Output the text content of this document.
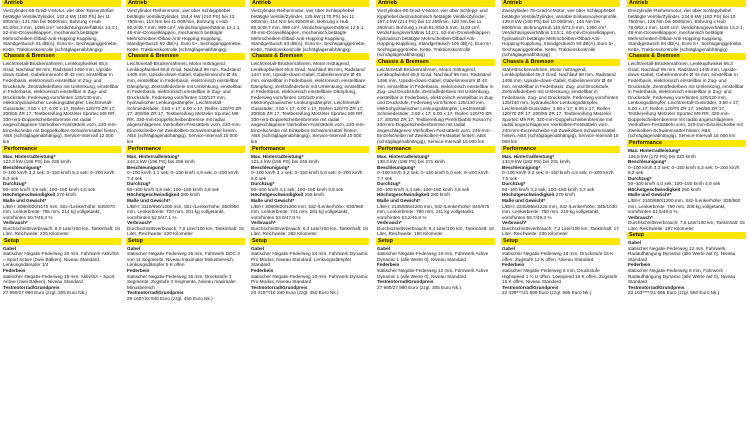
Antrieb
Vierzylinder-65-Grad-V-Motor, vier über Tassenstößel betätigte Ventile/Zylinder, 132,4 kW (180 PS) bei 11 800/min, 121 Nm bei 9650/min, Bohrung x Hub 81,0/53,3 mm, 1099 cm³, Verdichtungsverhältnis 13,3:1, 52-mm-Drosselklappen, mechanisch betätigte Mehrscheiben-Ölbad-Anti-Hopping-Kupplung, Standgeräusch 91 dB(A), Euro 5+, Sechsganggetriebe, Kette, Traktionskontrolle (schräglagenabhängig)
Chassis & Bremsen
Leichtmetall-Brückenrahmen, Lenkkopfwinkel 65,6 Grad, Nachlauf 98 mm, Radstand 1450 mm, Upside-down-Gabel, Gabelinnenrohr Ø 43 mm, einstellbar in Federbasis, elektronisch einstellbar in Zug- und Druckstufe, Zentralfederbein mit Umlenkung, einstellbar in Federbasis, elektronisch einstellbar in Zug- und Druckstufe, Federweg vorn/hinten 120/130 mm, elektrohydraulischer Lenkungsdämpfer, Leichtmetall-Gussräder, 3.50 x 17; 6.00 x 17, Reifen 120/70 ZR 17; 200/55 ZR 17, Testbereifung Metzeler Sportec M9 RR, 330-mm-Doppelscheibenbremse mit radial angeschlagenen Vierkolben-Festsätteln vorn, 220-mm-Einzelscheibe mit Doppelkolben-Schwimmsattel hinten, ABS (schräglagenabhängig), Service-Intervall 12 000 km
Performance
Max. Hinterradleistung*
122,3 kW (166 PS) bei 226 km/h
Beschleunigung*
0–100 km/h 3,2 sek; 0–150 km/h 5,2 sek; 0–200 km/h 8,3 sek
Durchzug*
50–100 km/h 3,9 sek; 100–150 km/h 4,0 sek
Höchstgeschwindigkeit 270 km/h
Maße und Gewicht*
L/B/H: 2080/920/1170 mm, Sitz-/Lenkerhöhe: 845/970 mm, Lenkerbreite: 755 mm, 214 kg vollgetankt, vorn/hinten 50,7/49,3 %
Verbrauch*
Durchschnittsverbrauch: 8,0 Liter/100 km, Tankinhalt: 18 Liter, Reichweite: 225 Kilometer
Setup
Gabel
statischer Negativ-Federweg 20 mm, Fahrwerk Aktiv/SA – Sport Active (zwei Balken), Niveau Standard, Lenkungsdämpfer 1/4
Federbein
statischer Negativ-Federweg 15 mm, Aktiv/SA – Sport Active (zwei Balken), Niveau Standard
Testmotorrad/Grundpreis
27 990/27 990 Euro (zzgl. 305 Euro Nk.)
Antrieb
Vierzylinder-Reihenmotor, vier über Schlepphebel betätigte Ventile/Zylinder, 154,4 kW (210 PS) bei 13 750/min, 113 Nm bei 11 000/min, Bohrung x Hub 80,0/49,7 mm, 999 cm³, Verdichtungsverhältnis 13,1:1, 48-mm-Drosselklappen, mechanisch betätigte Mehrscheiben-Ölbad-Anti-Hopping-Kupplung, Standgeräusch 92 dB(A), Euro 5+, Sechsganggetriebe, Kette, Traktionskontrolle (schräglagenabhängig)
Chassis & Bremsen
Leichtmetall-Brückenrahmen, Motor mittragend, Lenkkopfwinkel 65,8 Grad, Nachlauf 98 mm, Radstand 1405 mm, Upside-down-Gabel, Gabelinnenrohr Ø 45 mm, einstellbar in Federbasis, elektronisch einstellbar Dämpfung, Zentralfederbein mit Umlenkung, einstellbar in Federbasis, elektronisch einstellbar in Zug- und Druckstufe, Federweg vorn/hinten 120/127 mm, hydraulischer Lenkungsdämpfer, Leichtmetall-Schmiederäder, 3.50 x 17; 6.00 x 17, Reifen 120/70 ZR 17; 200/55 ZR 17, Testbereifung Metzeler Sportec M9 RR, 330-mm-Doppelscheibenbremse mit radial angeschlagenen Vierkolben-Festsätteln vorn, 220-mm-Einzelscheibe mit Zweikolben-Schwimmsattel hinten, ABS (schräglagenabhängig), Service-Intervall 10 000 km
Performance
Max. Hinterradleistung*
144,2 kW (196 PS) bei 269 km/h
Beschleunigung*
0–100 km/h 3,1 sek; 0–150 km/h 4,9 sek; 0–200 km/h 7,4 sek
Durchzug*
50–100 km/h 3,8 sek; 100–150 km/h 3,8 sek
Höchstgeschwindigkeit 280 km/h
Maße und Gewicht*
L/B/H: 2110/890/1200 mm, Sitz-/Lenkerhöhe: 850/950 mm, Lenkerbreite: 720 mm, 201 kg vollgetankt, vorn/hinten 52,9/47,1 %
Verbrauch*
Durchschnittsverbrauch: 7,5 Liter/100 km, Tankinhalt: 16 Liter, Reichweite: 220 Kilometer
Setup
Gabel
statischer Negativ-Federweg 26 mm, Fahrwerk DDC 3 von 11 Segmente, Niveau maximaler Minusbereich, Lenkungsdämpfer 5 K offen
Federbein
statischer Negativ-Federweg 15 mm, Druckstufe 3 Segmente, Zugstufe 3 Segmente, Niveau maximaler Minusbereich
Testmotorrad/Grundpreis
29 160*/22 940 Euro (zzgl. 450 Euro Nk.)
Antrieb
Vierzylinder-Reihenmotor, vier über Schlepphebel betätigte Ventile/Zylinder, 125 kW (170 PS) bei 11 000/min, 114 Nm bei 9250/min, Bohrung x Hub 80,0/49,7 mm, 999 cm³, Verdichtungsverhältnis 12,5:1, 48-mm-Drosselklappen, mechanisch betätigte Mehrscheiben-Ölbad-Anti-Hopping-Kupplung, Standgeräusch 93 dB(A), Euro 5+, Sechsganggetriebe, Kette, Traktionskontrolle (schräglagenabhängig)
Chassis & Bremsen
Leichtmetall-Brückenrahmen, Motor mittragend, Lenkkopfwinkel 65,6 Grad, Nachlauf 98 mm, Radstand 1447 mm, Upside-down-Gabel, Gabelinnenrohr Ø 45 mm, einstellbar in Federbasis, elektronisch einstellbare Dämpfung, Zentralfederbein mit Umlenkung, einstellbar in Federbasis, elektronisch einstellbare Dämpfung, Federweg vorn/hinten 120/120 mm, elektrohydraulischer Lenkungsdämpfer, Leichtmetall-Gussräder, 3.50 x 17; 6.00 x 17, Reifen 120/70 ZR 17; 200/55 ZR 17, Testbereifung Metzeler Sportec M9 RR, 330-mm-Doppelscheibenbremse mit radial angeschlagenen Vierkolben-Festsätteln vorn, 220-mm-Einzelscheibe mit Einkolben-Schwimmsattel hinten, ABS (schräglagenabhängig), Service-Intervall 10 000 km
Performance
Max. Hinterradleistung*
121,4 kW (165 PS) bei 246 km/h
Beschleunigung*
0–100 km/h 3,1 sek; 0–150 km/h 5,0 sek; 0–200 km/h 8,0 sek
Durchzug*
50–100 km/h 4,1 sek; 100–150 km/h 3,8 sek
Höchstgeschwindigkeit 255 km/h
Maße und Gewicht*
L/B/H: 2080/820/1200 mm, Sitz-/Lenkerhöhe: 830/960 mm, Lenkerbreite: 741 mm, 201 kg vollgetankt, vorn/hinten 53,0/47,0 %
Verbrauch*
Durchschnittsverbrauch: 6,3 Liter/100 km, Tankinhalt: 18 Liter, Reichweite: 282 Kilometer
Setup
Gabel
statischer Negativ-Federweg 24 mm, Fahrwerk Dynamic Pro Modus, Niveau Standard, Lenkungsdämpfer Standard
Federbein
statischer Negativ-Federweg 10 mm, Fahrwerk Dynamic Pro Modus, Niveau Standard
Testmotorrad/Grundpreis
20 415**/16 280 Euro (zzgl. 450 Euro Nk.)
Antrieb
Vierzylinder-90-Grad-V-Motor, vier über Schlepp- und Kipphebel desmodromisch betätigte Ventile/Zylinder, 157,4 kW (214 PS) bei 13 250/min, 120 Nm bei 11 250/min, Bohrung x Hub 81,0/53,5 mm, 1103 cm³, Verdichtungsverhältnis 14,0:1, 52-mm-Drosselklappen, hydraulisch betätigte Mehrscheiben-Ölbad-Anti-Hopping-Kupplung, Standgeräusch 105 dB(A), Euro 5+, Sechsganggetriebe, Kette, Traktionskontrolle (schräglagenabhängig)
Chassis & Bremsen
Leichtmetall-Brückenrahmen, Motor mittragend, Lenkkopfwinkel 65,5 Grad, Nachlauf 99 mm, Radstand 1496 mm, Upside-down-Gabel, Gabelinnenrohr Ø 43 mm, einstellbar in Federbasis, elektronisch einstellbar in Zug- und Druckstufe, Zentralfederbein mit Umlenkung, einstellbar in Federbasis, elektronisch einstellbar in Zug- und Druckstufe, Federweg vorn/hinten 125/130 mm, elektrohydraulischer Lenkungsdämpfer, Leichtmetall-Schmiederäder, 3.50 x 17; 6.00 x 17, Reifen 120/70 ZR 17; 200/60 ZR 17, Testbereifung Pirelli Diablo Rosso IV, 330-mm-Doppelscheibenbremse mit radial angeschlagenen Vierkolben-Festsätteln vorn, 245-mm-Einzelscheibe mit Zweikolben-Festsattel hinten, ABS (schräglagenabhängig), Service-Intervall 15 000 km
Performance
Max. Hinterradleistung*
138,3 kW (188 PS) bei 271 km/h
Beschleunigung*
0–100 km/h 3,2 sek; 0–150 km/h 5,0 sek; 0–200 km/h 7,7 sek
Durchzug*
50–100 km/h 4,4 sek; 100–150 km/h 3,8 sek
Höchstgeschwindigkeit 280 km/h
Maße und Gewicht*
L/B/H: 2135/855/1200 mm, Sitz-/Lenkerhöhe: 840/975 mm, Lenkerbreite: 790 mm, 211 kg vollgetankt, vorn/hinten 53,2/46,8 %
Verbrauch*
Durchschnittsverbrauch: 8,4 Liter/100 km, Tankinhalt: 16 Liter, Reichweite: 190 Kilometer
Setup
Gabel
statischer Negativ-Federweg 16 mm, Fahrwerk Active Dynamic 1 (alle Werte 0), Niveau Standard
Federbein
statischer Negativ-Federweg 12 mm, Fahrwerk Active Dynamic 1 (alle Werte 0), Niveau Standard
Testmotorrad/Grundpreis
27 990/27 990 Euro (zzgl. 305 Euro Nk.)
Antrieb
Zweizylinder-75-Grad-V-Motor, vier über Schlepphebel betätigte Ventile/Zylinder, variable Einlassnockenprofile, 139,8 kW (190 PS) bei 10 000/min, 145 Nm bei 8000/min, Bohrung/Hub 110,0/71,0 mm, 1350 cm³, Verdichtungsverhältnis 13,5:1, 60-mm-Drosselklappen, hydraulisch betätigte Mehrscheiben-Ölbad-Anti-Hopping-Kupplung, Standgeräusch 93 dB(A), Euro 5+, Sechsganggetriebe, Kette, Traktionskontrolle (schräglagenabhängig)
Chassis & Bremsen
Stahl-Brückenrahmen, Motor mittragend, Lenkkopfwinkel 65,3 Grad, Nachlauf 98 mm, Radstand 1495 mm, Upside-down-Gabel, Gabelinnenrohr Ø 48 mm, einstellbar in Federbasis, Zug- und Druckstufe, Zentralfederbein mit Umlenkung, einstellbar in Federbasis, Zug- und Druckstufe, Federweg vorn/hinten 125/140 mm, hydraulischer Lenkungsdämpfer, Leichtmetall-Gussräder, 3.50 x 17; 6.00 x 17, Reifen 120/70 ZR 17; 200/55 ZR 17, Testbereifung Metzeler Sportec M9 RR, 320-mm-Doppelscheibenbremse mit radial angeschlagenen Vierkolben-Festsätteln vorn, 240-mm-Einzelscheibe mit Zweikolben-Schwimmsattel hinten, ABS (schräglagenabhängig), Service-Intervall 15 000 km
Performance
Max. Hinterradleistung*
133,9 kW (182 PS) bei 231 km/h
Beschleunigung*
0–100 km/h 3,2 sek; 0–150 km/h 4,9 sek; 0–200 km/h 7,5 sek
Durchzug*
50–100 km/h 3,2 sek; 100–150 km/h 3,2 sek
Höchstgeschwindigkeit 270 km/h
Maße und Gewicht*
L/B/H: 2235/855/1225 mm, Sitz-/Lenkerhöhe: 845/1030 mm, Lenkerbreite: 760 mm, 219 kg vollgetankt, vorn/hinten 50,7/49,3 %
Verbrauch*
Durchschnittsverbrauch: 7,2 Liter/100 km, Tankinhalt: 17 Liter, Reichweite: 236 Kilometer
Setup
Gabel
statischer Negativ-Federweg 18 mm, Druckstufe 15 K offen, Zugstufe 12 K offen, Niveau Standard
Federbein
statischer Negativ-Federweg 6 mm, Druckstufe Highspeed 1 ¼ U offen, Lowspeed 16 K offen, Zugstufe 16 K offen, Niveau Standard
Testmotorrad/Grundpreis
22 439***/21 699 Euro (zzgl. 695 Euro Nk.)
Antrieb
Dreizylinder-Reihenmotor, vier über Schlepphebel betätigte Ventile/Zylinder, 134,6 kW (183 PS) bei 10 750/min, 128 Nm bei 9000/min, Bohrung x Hub 78,0/62,1 mm, 1160 cm³, Verdichtungsverhältnis 13,2:1, 48-mm-Drosselklappen, mechanisch betätigte Mehrscheiben-Ölbad-Anti-Hopping-Kupplung, Standgeräusch 94 dB(A), Euro 5+, Sechsganggetriebe, Kette, Traktionskontrolle (schräglagenabhängig)
Chassis & Bremsen
Leichtmetall-Brückenrahmen, Lenkkopfwinkel 66,3 Grad, Nachlauf 99 mm, Radstand 1445 mm, Upside-down-Gabel, Gabelinnenrohr Ø 43 mm, einstellbar in Federbasis, elektronisch einstellbar in Zug- und Druckstufe, Zentralfederbein mit Umlenkung, einstellbar in Federbasis, elektronisch einstellbar in Zug- und Druckstufe, Federweg vorn/hinten 120/120 mm, Lenkungsdämpfer, Leichtmetall-Gussräder, 3.50 x 17; 6.00 x 17, Reifen 120/70 ZR 17; 190/55 ZR 17, Testbereifung Metzeler Sportec M9 RR, 320-mm-Doppelscheibenbremse mit radial angeschlagenen Vierkolben-Festsätteln vorn, 220-mm-Einzelscheibe mit Zweikolben-Schwimmsattel hinten, ABS (schräglagenabhängig), Service-Intervall 16 000 km
Performance
Max. Hinterradleistung*
126,5 kW (172 PS) bei 223 km/h
Beschleunigung*
0–100 km/h 3,3 sek; 0–150 km/h 5,2 sek; 0–200 km/h 8,2 sek
Durchzug*
50–100 km/h 4,0 sek; 100–150 km/h 4,0 sek
Höchstgeschwindigkeit 260 km/h
Maße und Gewicht*
L/B/H: 2100/880/1200 mm, Sitz-/Lenkerhöhe: 835/960 mm, Lenkerbreite: 750 mm, 206 kg vollgetankt, vorn/hinten 51,5/48,5 %
Verbrauch*
Durchschnittsverbrauch: 7,6 Liter/100 km, Tankinhalt: 15 Liter, Reichweite: 197 Kilometer
Setup
Gabel
statischer Negativ-Federweg 12 mm, Fahrwerk Radaufhängung Dynamic (alle Werte auf 0), Niveau Standard
Federbein
statischer Negativ-Federweg 8 mm, Fahrwerk Radaufhängung Dynamic (alle Werte auf 0), Niveau Standard
Testmotorrad/Grundpreis
22 163****/21 695 Euro (zzgl. 550 Euro Nk.)
